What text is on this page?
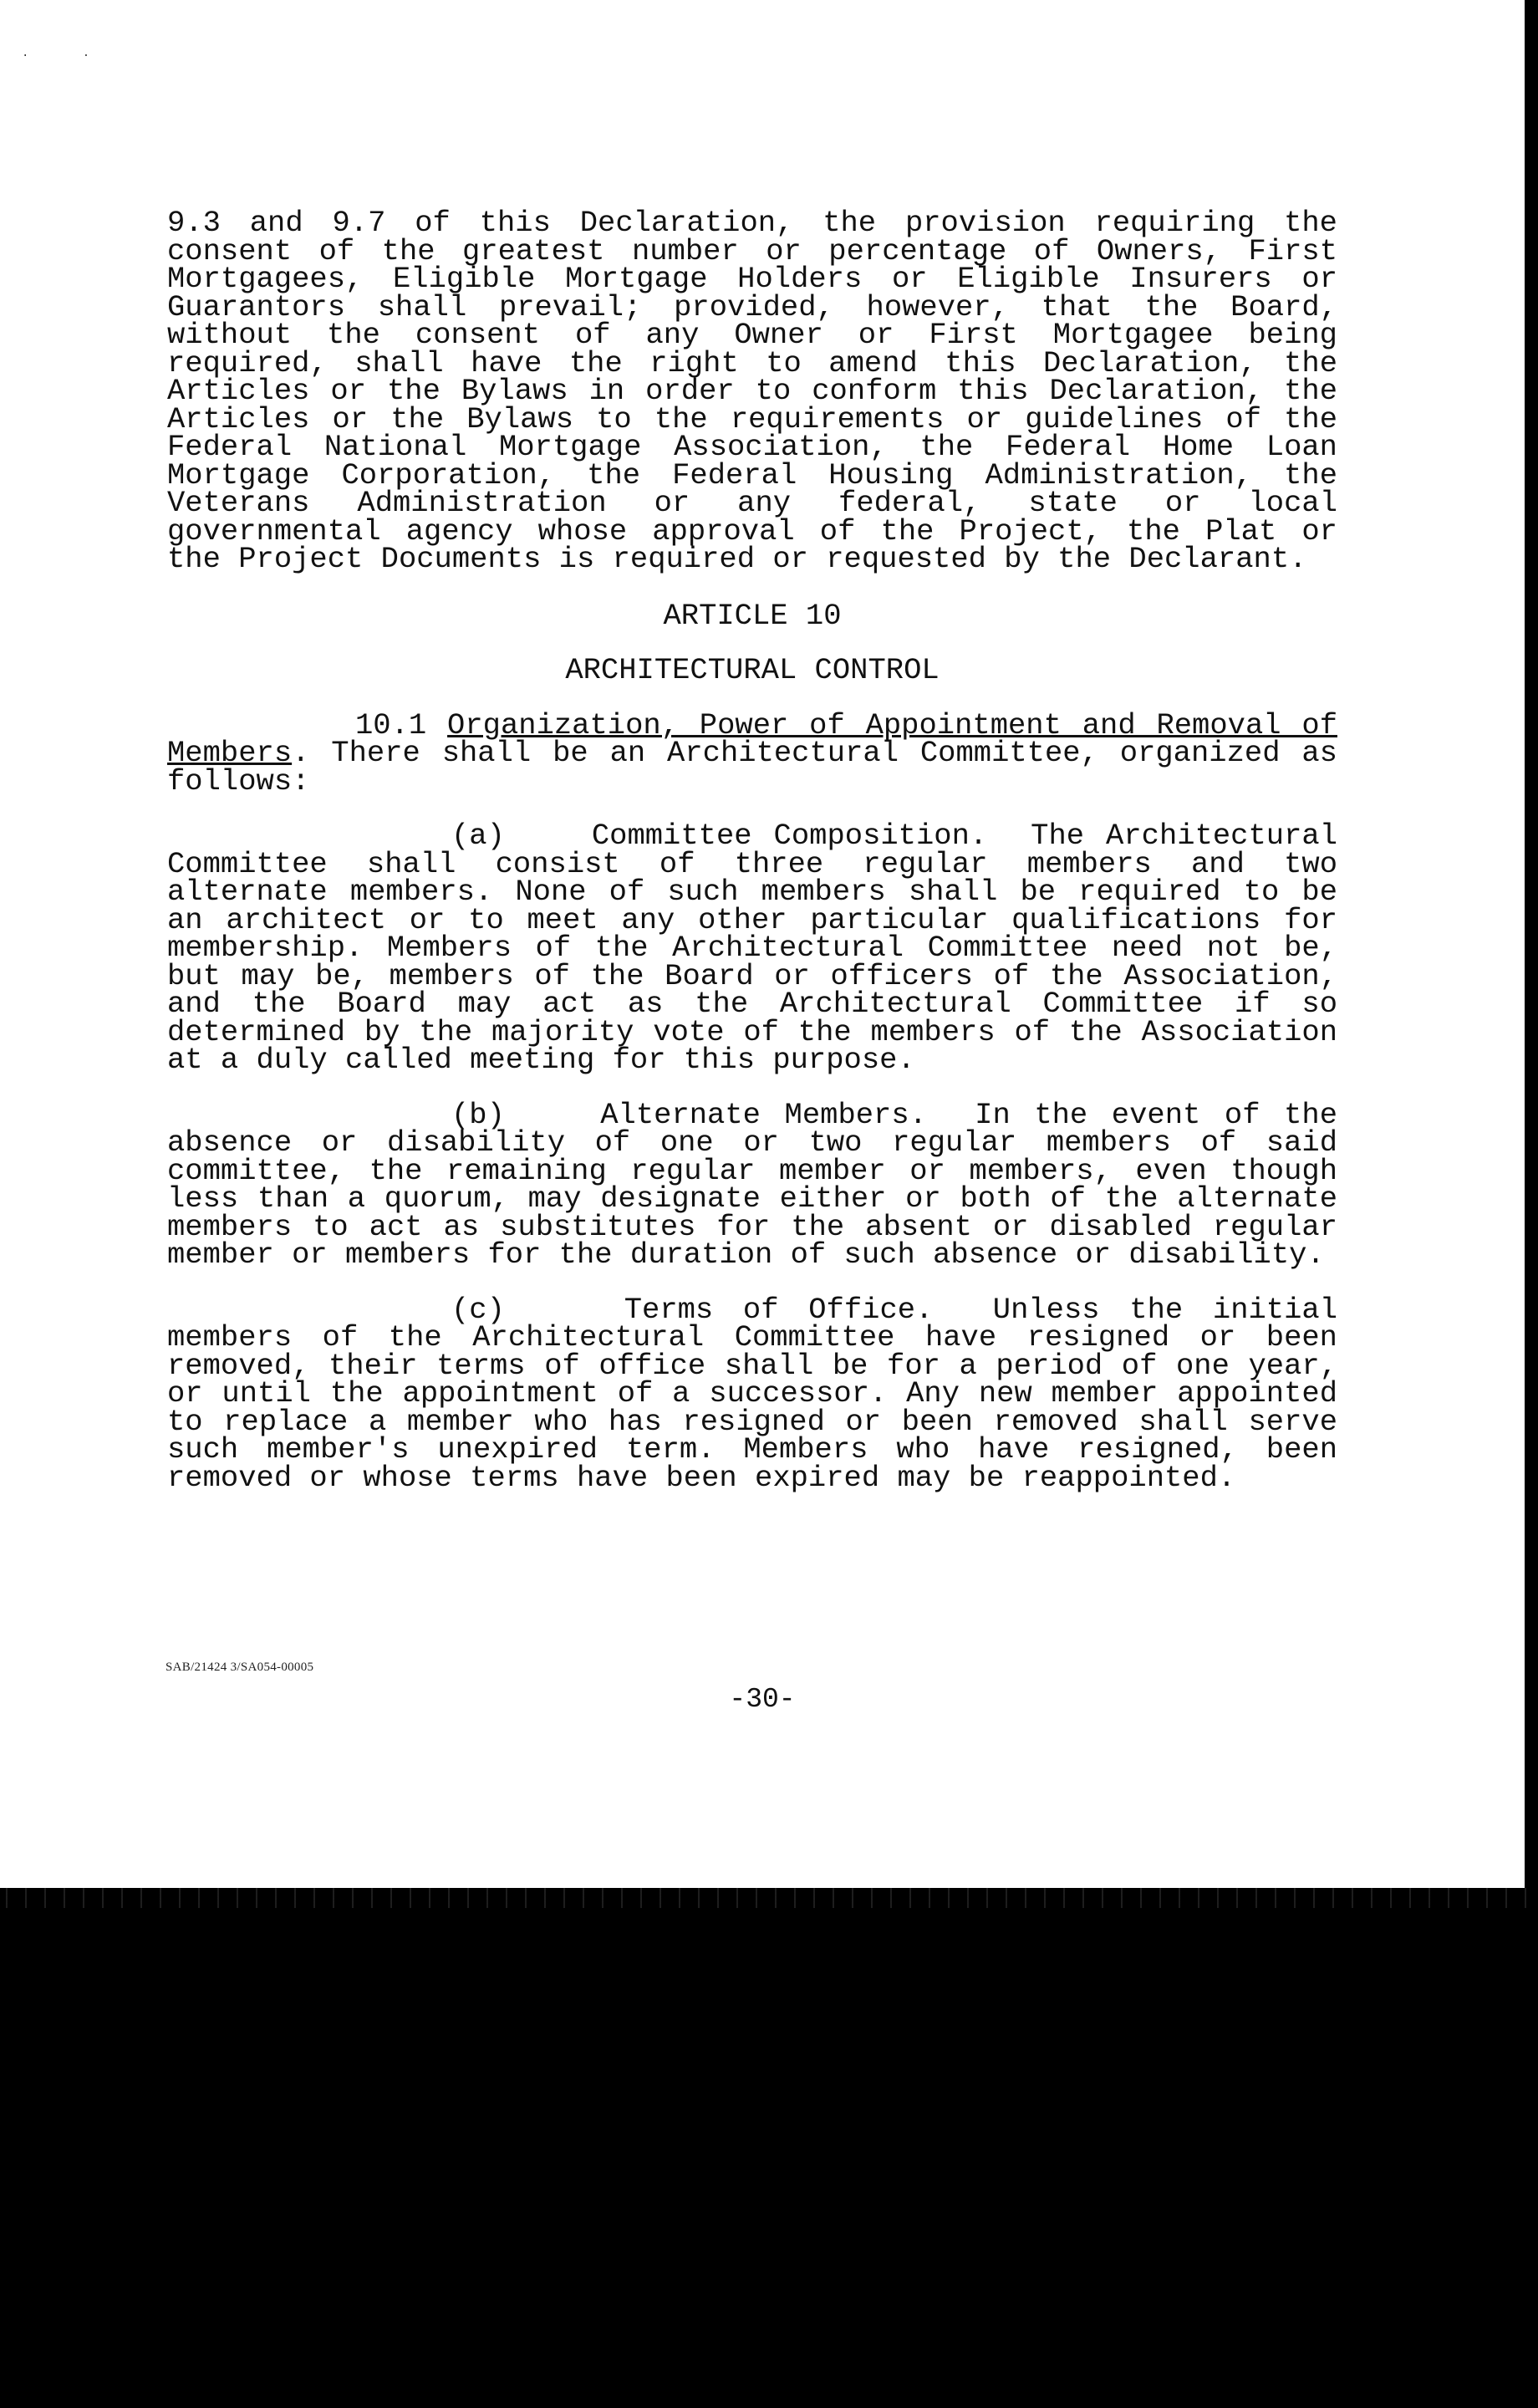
. .

9.3 and 9.7 of this Declaration, the provision requiring the consent of the greatest number or percentage of Owners, First Mortgagees, Eligible Mortgage Holders or Eligible Insurers or Guarantors shall prevail; provided, however, that the Board, without the consent of any Owner or First Mortgagee being required, shall have the right to amend this Declaration, the Articles or the Bylaws in order to conform this Declaration, the Articles or the Bylaws to the requirements or guidelines of the Federal National Mortgage Association, the Federal Home Loan Mortgage Corporation, the Federal Housing Administration, the Veterans Administration or any federal, state or local governmental agency whose approval of the Project, the Plat or the Project Documents is required or requested by the Declarant.

ARTICLE 10

ARCHITECTURAL CONTROL

10.1 Organization, Power of Appointment and Removal of Members. There shall be an Architectural Committee, organized as follows:

(a)	Committee Composition. The Architectural Committee shall consist of three regular members and two alternate members. None of such members shall be required to be an architect or to meet any other particular qualifications for membership. Members of the Architectural Committee need not be, but may be, members of the Board or officers of the Association, and the Board may act as the Architectural Committee if so determined by the majority vote of the members of the Association at a duly called meeting for this purpose.

(b)	Alternate Members. In the event of the absence or disability of one or two regular members of said committee, the remaining regular member or members, even though less than a quorum, may designate either or both of the alternate members to act as substitutes for the absent or disabled regular member or members for the duration of such absence or disability.

(c)	Terms of Office. Unless the initial members of the Architectural Committee have resigned or been removed, their terms of office shall be for a period of one year, or until the appointment of a successor. Any new member appointed to replace a member who has resigned or been removed shall serve such member's unexpired term. Members who have resigned, been removed or whose terms have been expired may be reappointed.

SAB/21424 3/SA054-00005
-30-
